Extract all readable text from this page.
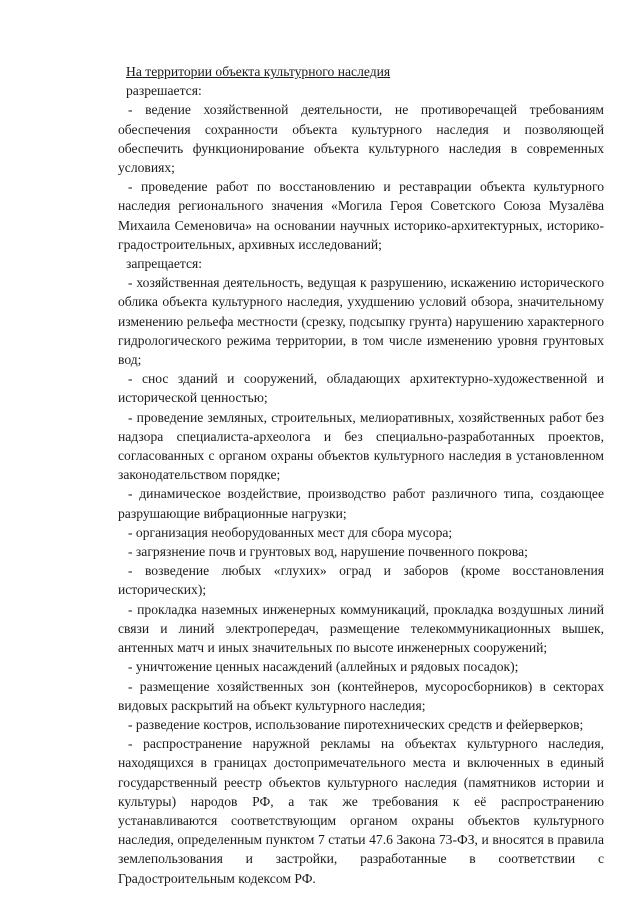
На территории объекта культурного наследия

разрешается:

- ведение хозяйственной деятельности, не противоречащей требованиям обеспечения сохранности объекта культурного наследия и позволяющей обеспечить функционирование объекта культурного наследия в современных условиях;

- проведение работ по восстановлению и реставрации объекта культурного наследия регионального значения «Могила Героя Советского Союза Музалёва Михаила Семеновича» на основании научных историко-архитектурных, историко-градостроительных, архивных исследований;

запрещается:

- хозяйственная деятельность, ведущая к разрушению, искажению исторического облика объекта культурного наследия, ухудшению условий обзора, значительному изменению рельефа местности (срезку, подсыпку грунта) нарушению характерного гидрологического режима территории, в том числе изменению уровня грунтовых вод;

- снос зданий и сооружений, обладающих архитектурно-художественной и исторической ценностью;

- проведение земляных, строительных, мелиоративных, хозяйственных работ без надзора специалиста-археолога и без специально-разработанных проектов, согласованных с органом охраны объектов культурного наследия в установленном законодательством порядке;

- динамическое воздействие, производство работ различного типа, создающее разрушающие вибрационные нагрузки;

- организация необорудованных мест для сбора мусора;

- загрязнение почв и грунтовых вод, нарушение почвенного покрова;

- возведение любых «глухих» оград и заборов (кроме восстановления исторических);

- прокладка наземных инженерных коммуникаций, прокладка воздушных линий связи и линий электропередач, размещение телекоммуникационных вышек, антенных матч и иных значительных по высоте инженерных сооружений;

- уничтожение ценных насаждений (аллейных и рядовых посадок);

- размещение хозяйственных зон (контейнеров, мусоросборников) в секторах видовых раскрытий на объект культурного наследия;

- разведение костров, использование пиротехнических средств и фейерверков;

- распространение наружной рекламы на объектах культурного наследия, находящихся в границах достопримечательного места и включенных в единый государственный реестр объектов культурного наследия (памятников истории и культуры) народов РФ, а так же требования к её распространению устанавливаются соответствующим органом охраны объектов культурного наследия, определенным пунктом 7 статьи 47.6 Закона 73-ФЗ, и вносятся в правила землепользования и застройки, разработанные в соответствии с Градостроительным кодексом РФ.
